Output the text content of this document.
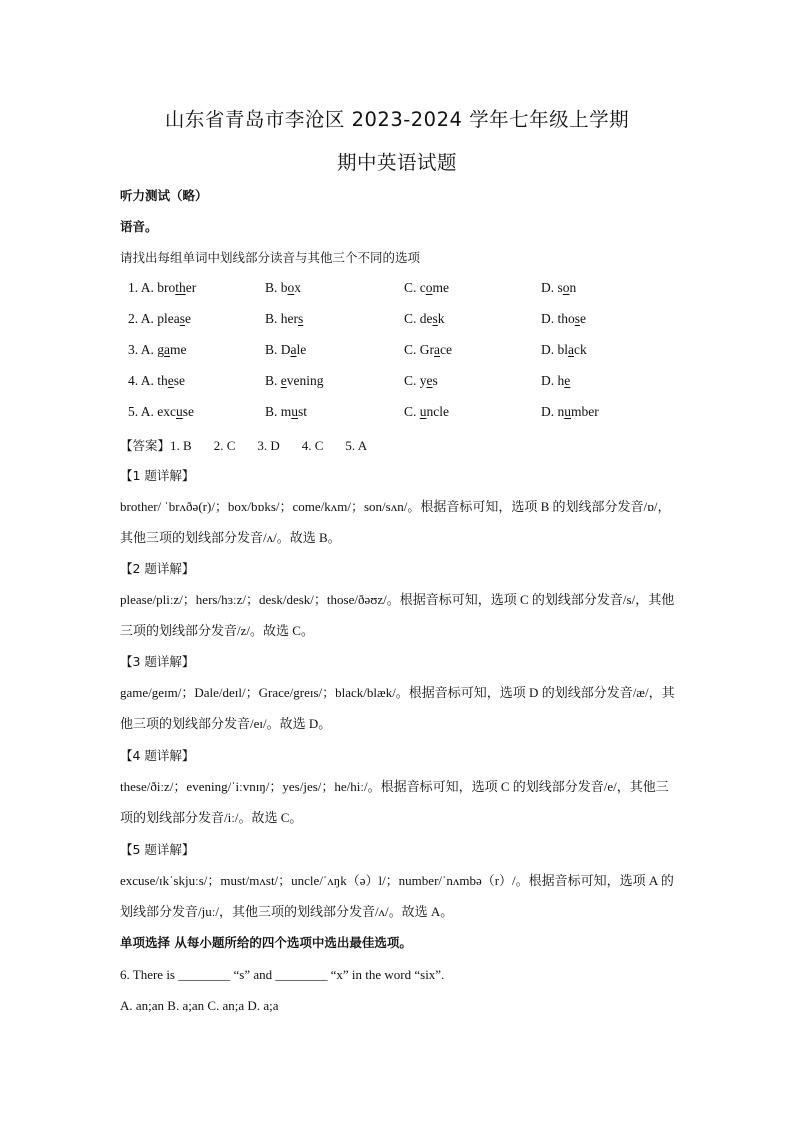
山东省青岛市李沧区 2023-2024 学年七年级上学期
期中英语试题
听力测试（略）
语音。
请找出每组单词中划线部分读音与其他三个不同的选项
1. A. brother	B. box	C. come	D. son
2. A. please	B. hers	C. desk	D. those
3. A. game	B. Dale	C. Grace	D. black
4. A. these	B. evening	C. yes	D. he
5. A. excuse	B. must	C. uncle	D. number
【答案】1. B 2. C 3. D 4. C 5. A
【1 题详解】
brother/ ˈbrʌðə(r)/；box/bɒks/；come/kʌm/；son/sʌn/。根据音标可知，选项 B 的划线部分发音/ɒ/，其他三项的划线部分发音/ʌ/。故选 B。
【2 题详解】
please/pliːz/；hers/hɜːz/；desk/desk/；those/ðəʊz/。根据音标可知，选项 C 的划线部分发音/s/，其他三项的划线部分发音/z/。故选 C。
【3 题详解】
game/geɪm/；Dale/deɪl/；Grace/greɪs/；black/blæk/。根据音标可知，选项 D 的划线部分发音/æ/，其他三项的划线部分发音/eɪ/。故选 D。
【4 题详解】
these/ðiːz/；evening/ˈiːvnɪŋ/；yes/jes/；he/hiː/。根据音标可知，选项 C 的划线部分发音/e/，其他三项的划线部分发音/iː/。故选 C。
【5 题详解】
excuse/ɪkˈskjuːs/；must/mʌst/；uncle/ˈʌŋk（ə）l/；number/ˈnʌmbə（r）/。根据音标可知，选项 A 的划线部分发音/juː/，其他三项的划线部分发音/ʌ/。故选 A。
单项选择 从每小题所给的四个选项中选出最佳选项。
6. There is ________ “s” and ________ “x” in the word “six”.
A. an;an B. a;an C. an;a D. a;a
